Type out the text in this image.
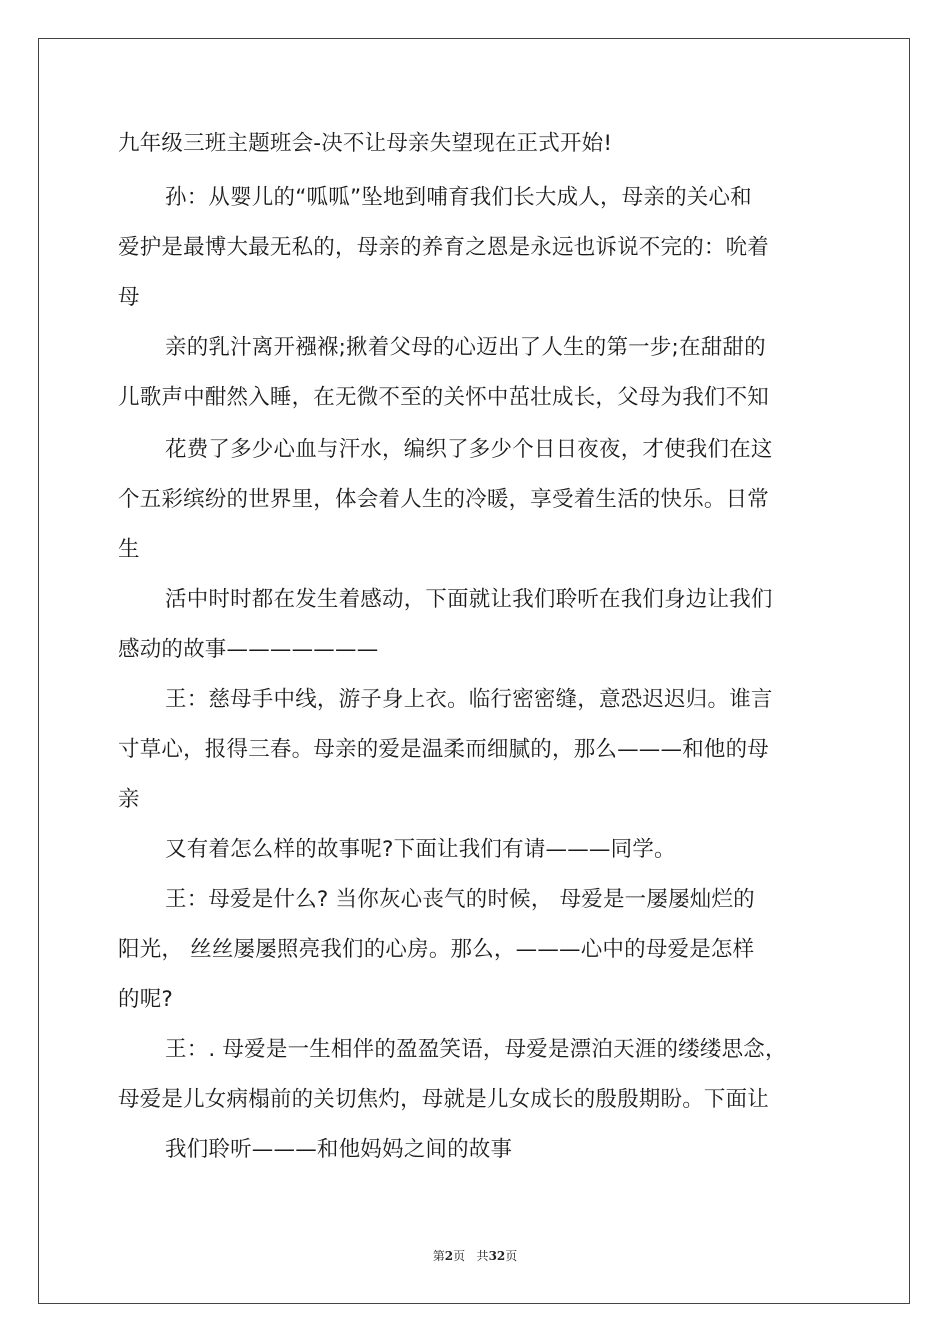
九年级三班主题班会-决不让母亲失望现在正式开始!
孙：从婴儿的“呱呱”坠地到哺育我们长大成人，母亲的关心和
爱护是最博大最无私的，母亲的养育之恩是永远也诉说不完的：吮着
母
亲的乳汁离开襁褓;揪着父母的心迈出了人生的第一步;在甜甜的
儿歌声中酣然入睡，在无微不至的关怀中茁壮成长，父母为我们不知
花费了多少心血与汗水，编织了多少个日日夜夜，才使我们在这
个五彩缤纷的世界里，体会着人生的冷暖，享受着生活的快乐。日常
生
活中时时都在发生着感动，下面就让我们聆听在我们身边让我们
感动的故事———————
王：慈母手中线，游子身上衣。临行密密缝，意恐迟迟归。谁言
寸草心，报得三春。母亲的爱是温柔而细腻的，那么———和他的母
亲
又有着怎么样的故事呢?下面让我们有请———同学。
王：母爱是什么? 当你灰心丧气的时候， 母爱是一屡屡灿烂的
阳光， 丝丝屡屡照亮我们的心房。那么，———心中的母爱是怎样
的呢?
王：. 母爱是一生相伴的盈盈笑语，母爱是漂泊天涯的缕缕思念，
母爱是儿女病榻前的关切焦灼，母就是儿女成长的殷殷期盼。下面让
我们聆听———和他妈妈之间的故事
第2页 共32页
